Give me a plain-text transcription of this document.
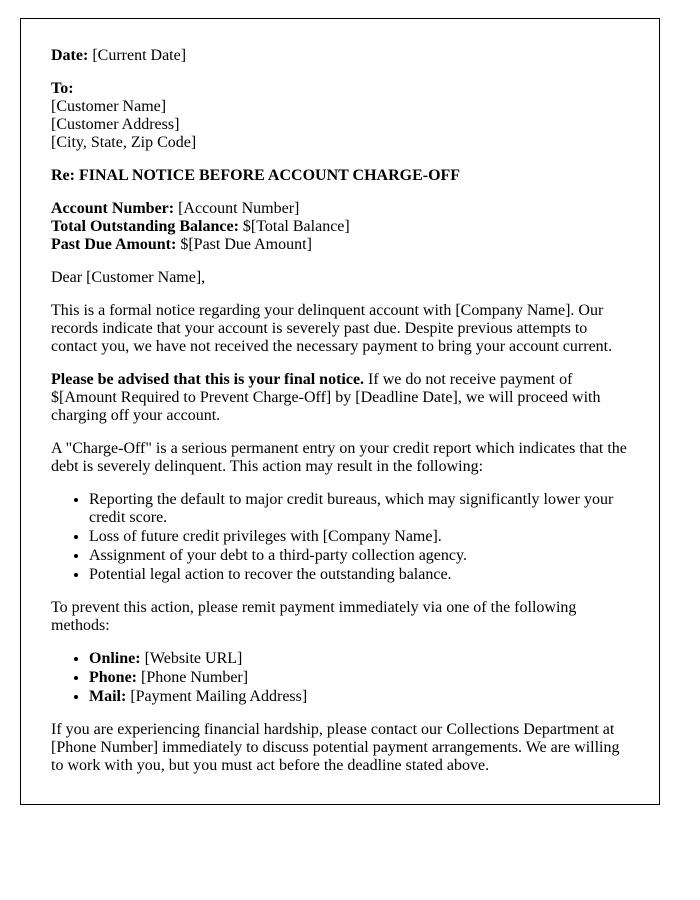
Date: [Current Date]

To:

[Customer Name]

[Customer Address]

[City, State, Zip Code]

Re: FINAL NOTICE BEFORE ACCOUNT CHARGE-OFF

Account Number: [Account Number]

Total Outstanding Balance: $[Total Balance]

Past Due Amount: $[Past Due Amount]

Dear [Customer Name],

This is a formal notice regarding your delinquent account with [Company Name]. Our records indicate that your account is severely past due. Despite previous attempts to contact you, we have not received the necessary payment to bring your account current.

Please be advised that this is your final notice. If we do not receive payment of $[Amount Required to Prevent Charge-Off] by [Deadline Date], we will proceed with charging off your account.

A "Charge-Off" is a serious permanent entry on your credit report which indicates that the debt is severely delinquent. This action may result in the following:

• Reporting the default to major credit bureaus, which may significantly lower your credit score.
• Loss of future credit privileges with [Company Name].
• Assignment of your debt to a third-party collection agency.
• Potential legal action to recover the outstanding balance.

To prevent this action, please remit payment immediately via one of the following methods:

• Online: [Website URL]
• Phone: [Phone Number]
• Mail: [Payment Mailing Address]

If you are experiencing financial hardship, please contact our Collections Department at [Phone Number] immediately to discuss potential payment arrangements. We are willing to work with you, but you must act before the deadline stated above.
